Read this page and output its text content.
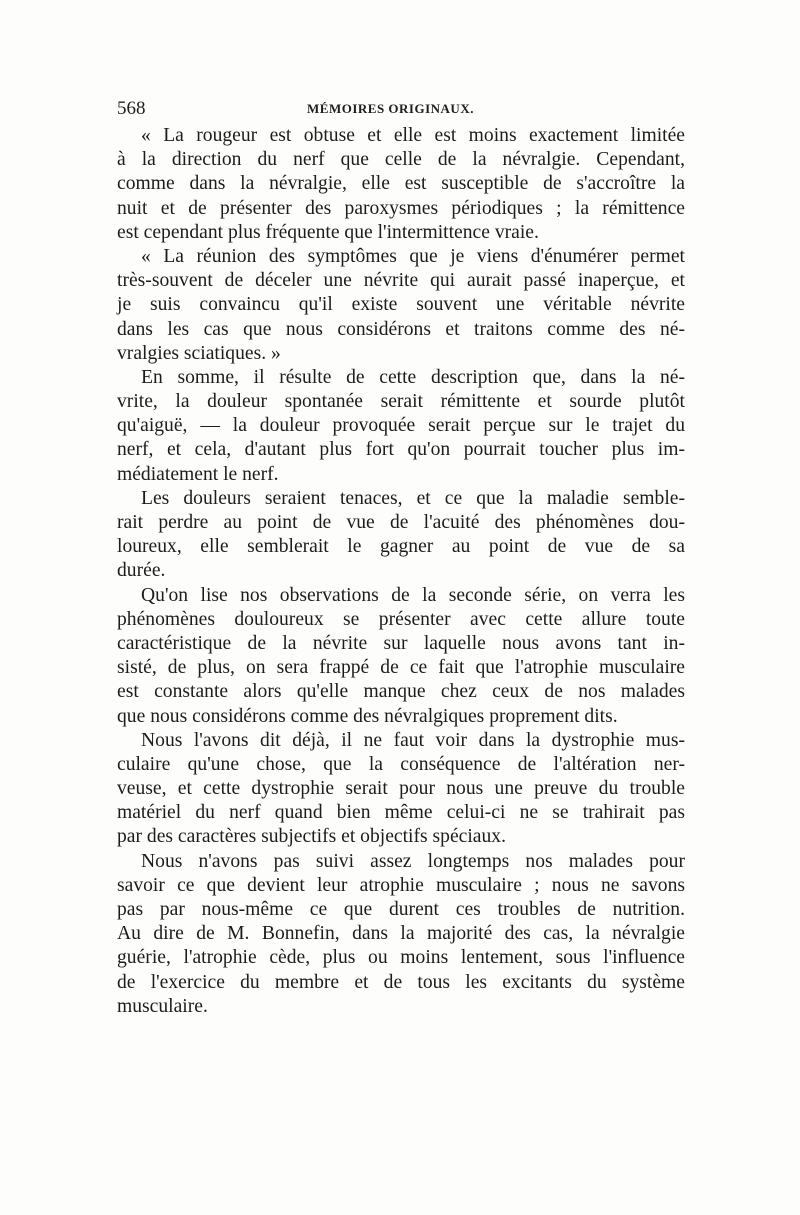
568	MÉMOIRES ORIGINAUX.

« La rougeur est obtuse et elle est moins exactement limitée
à la direction du nerf que celle de la névralgie. Cependant,
comme dans la névralgie, elle est susceptible de s'accroître la
nuit et de présenter des paroxysmes périodiques ; la rémittence
est cependant plus fréquente que l'intermittence vraie.

« La réunion des symptômes que je viens d'énumérer permet
très-souvent de déceler une névrite qui aurait passé inaperçue, et
je suis convaincu qu'il existe souvent une véritable névrite
dans les cas que nous considérons et traitons comme des né-
vralgies sciatiques. »

En somme, il résulte de cette description que, dans la né-
vrite, la douleur spontanée serait rémittente et sourde plutôt
qu'aiguë, — la douleur provoquée serait perçue sur le trajet du
nerf, et cela, d'autant plus fort qu'on pourrait toucher plus im-
médiatement le nerf.

Les douleurs seraient tenaces, et ce que la maladie semble-
rait perdre au point de vue de l'acuité des phénomènes dou-
loureux, elle semblerait le gagner au point de vue de sa
durée.

Qu'on lise nos observations de la seconde série, on verra les
phénomènes douloureux se présenter avec cette allure toute
caractéristique de la névrite sur laquelle nous avons tant in-
sisté, de plus, on sera frappé de ce fait que l'atrophie musculaire
est constante alors qu'elle manque chez ceux de nos malades
que nous considérons comme des névralgiques proprement dits.

Nous l'avons dit déjà, il ne faut voir dans la dystrophie mus-
culaire qu'une chose, que la conséquence de l'altération ner-
veuse, et cette dystrophie serait pour nous une preuve du trouble
matériel du nerf quand bien même celui-ci ne se trahirait pas
par des caractères subjectifs et objectifs spéciaux.

Nous n'avons pas suivi assez longtemps nos malades pour
savoir ce que devient leur atrophie musculaire ; nous ne savons
pas par nous-même ce que durent ces troubles de nutrition.
Au dire de M. Bonnefin, dans la majorité des cas, la névralgie
guérie, l'atrophie cède, plus ou moins lentement, sous l'influence
de l'exercice du membre et de tous les excitants du système
musculaire.
